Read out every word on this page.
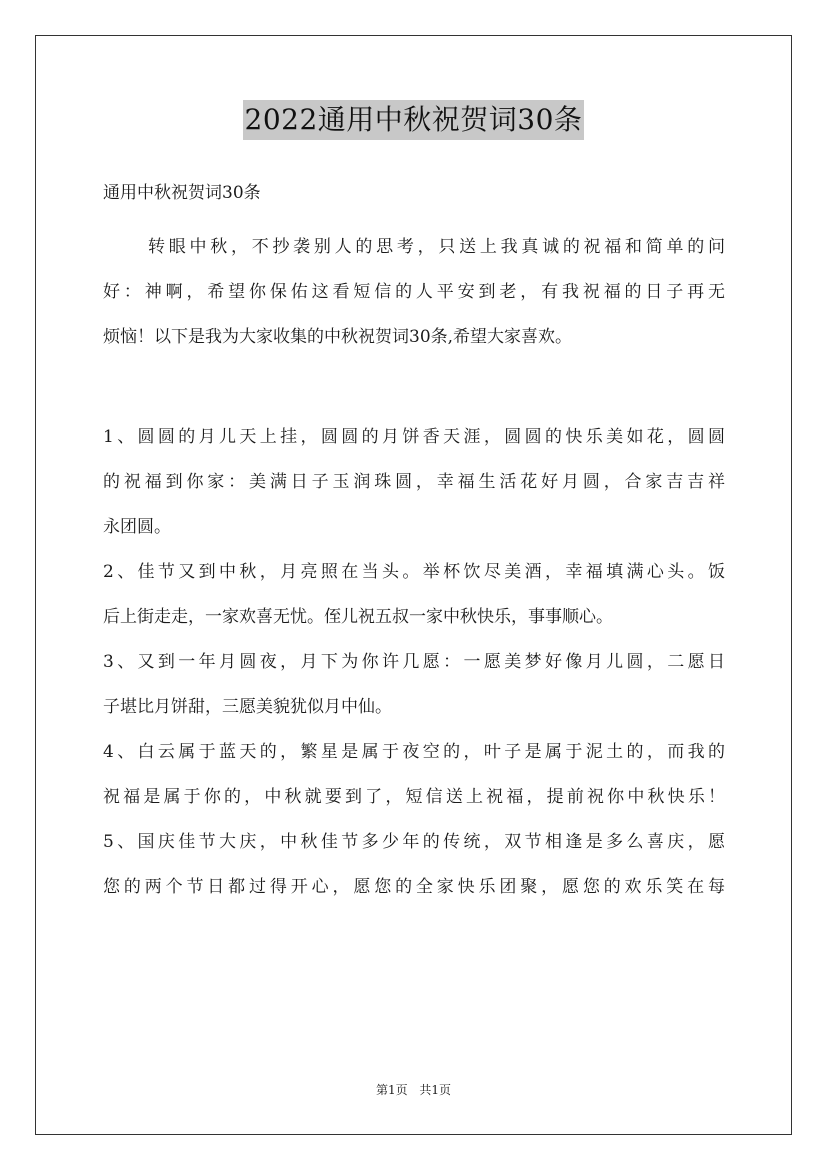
2022通用中秋祝贺词30条
通用中秋祝贺词30条
转眼中秋，不抄袭别人的思考，只送上我真诚的祝福和简单的问
好：神啊，希望你保佑这看短信的人平安到老，有我祝福的日子再无
烦恼！以下是我为大家收集的中秋祝贺词30条,希望大家喜欢。
1、圆圆的月儿天上挂，圆圆的月饼香天涯，圆圆的快乐美如花，圆圆
的祝福到你家：美满日子玉润珠圆，幸福生活花好月圆，合家吉吉祥
永团圆。
2、佳节又到中秋，月亮照在当头。举杯饮尽美酒，幸福填满心头。饭
后上街走走，一家欢喜无忧。侄儿祝五叔一家中秋快乐，事事顺心。
3、又到一年月圆夜，月下为你许几愿：一愿美梦好像月儿圆，二愿日
子堪比月饼甜，三愿美貌犹似月中仙。
4、白云属于蓝天的，繁星是属于夜空的，叶子是属于泥土的，而我的
祝福是属于你的，中秋就要到了，短信送上祝福，提前祝你中秋快乐！
5、国庆佳节大庆，中秋佳节多少年的传统，双节相逢是多么喜庆，愿
您的两个节日都过得开心，愿您的全家快乐团聚，愿您的欢乐笑在每
第1页 共1页
